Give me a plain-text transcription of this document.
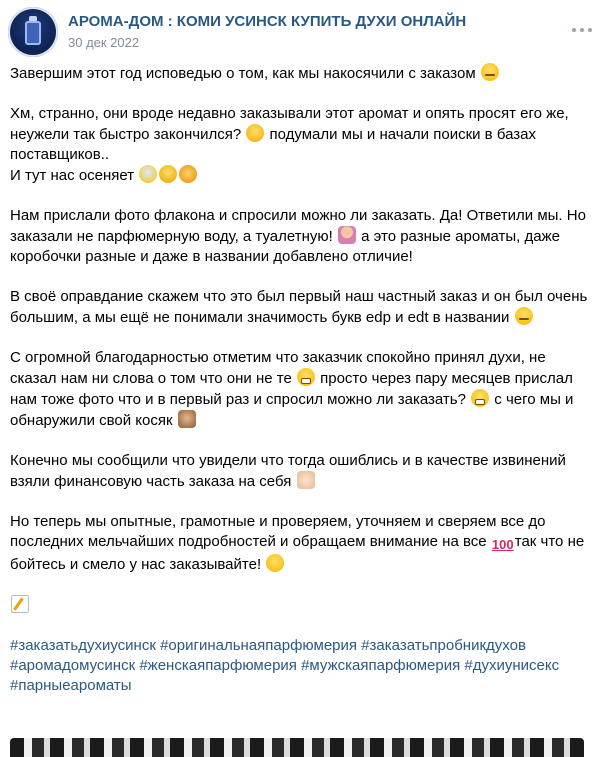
АРОМА-ДОМ : КОМИ УСИНСК КУПИТЬ ДУХИ ОНЛАЙН
30 дек 2022

Завершим этот год исповедью о том, как мы накосячили с заказом

Хм, странно, они вроде недавно заказывали этот аромат и опять просят его же, неужели так быстро закончился?  подумали мы и начали поиски в базах поставщиков..
И тут нас осеняет

Нам прислали фото флакона и спросили можно ли заказать. Да! Ответили мы. Но заказали не парфюмерную воду, а туалетную!  а это разные ароматы, даже коробочки разные и даже в названии добавлено отличие!

В своё оправдание скажем что это был первый наш частный заказ и он был очень большим, а мы ещё не понимали значимость букв edp и edt в названии

С огромной благодарностью отметим что заказчик спокойно принял духи, не сказал нам ни слова о том что они не те  просто через пару месяцев прислал нам тоже фото что и в первый раз и спросил можно ли заказать?  с чего мы и обнаружили свой косяк

Конечно мы сообщили что увидели что тогда ошиблись и в качестве извинений взяли финансовую часть заказа на себя

Но теперь мы опытные, грамотные и проверяем, уточняем и сверяем все до последних мельчайших подробностей и обращаем внимание на все 100так что не бойтесь и смело у нас заказывайте!

#заказатьдухиусинск #оригинальнаяпарфюмерия #заказатьпробникдухов #аромадомусинск #женскаяпарфюмерия #мужскаяпарфюмерия #духиунисекс #парныеароматы
